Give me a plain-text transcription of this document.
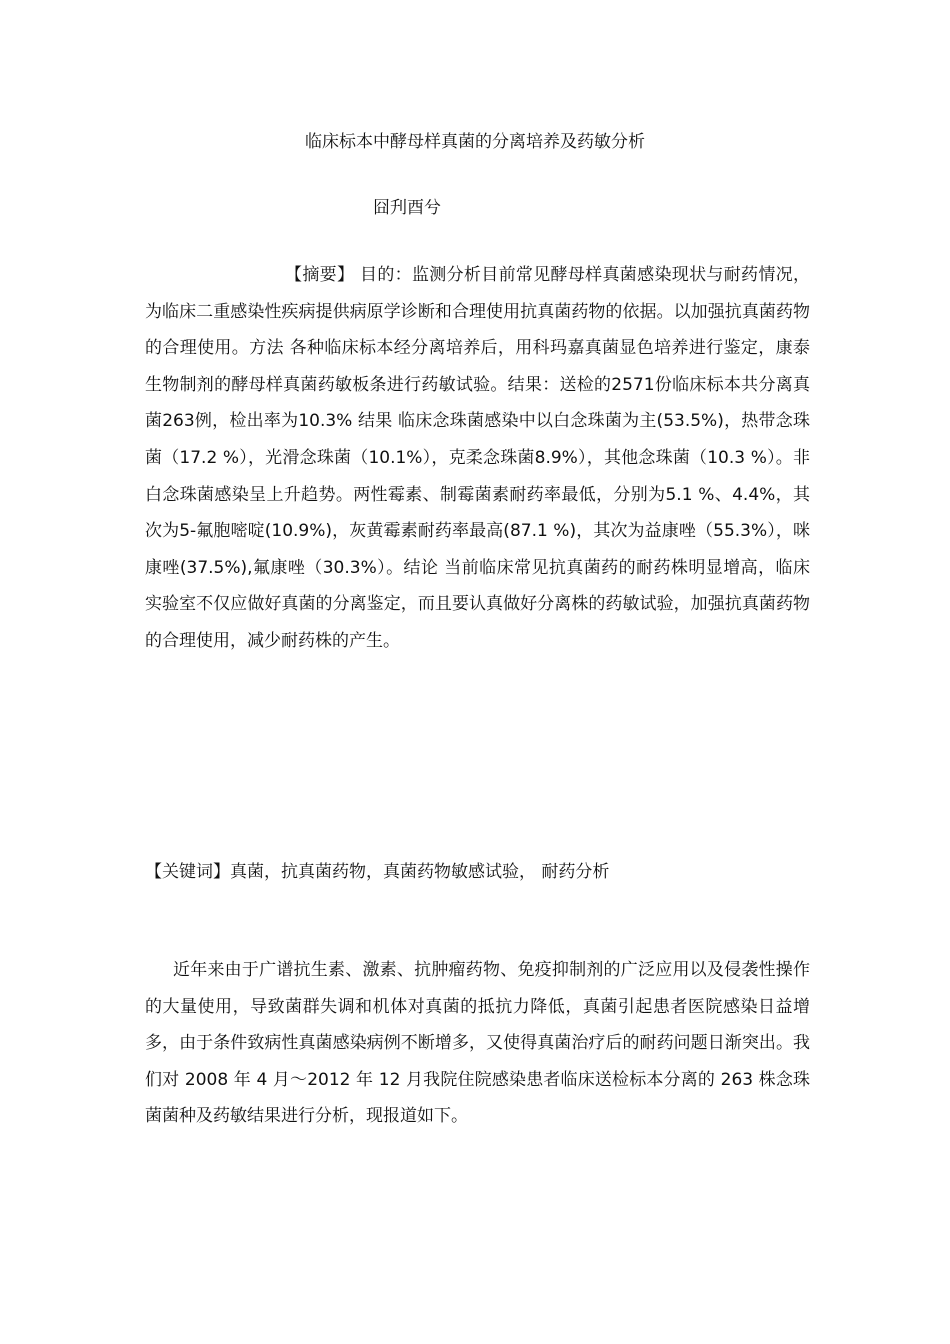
临床标本中酵母样真菌的分离培养及药敏分析
囧刋酉兮

【摘要】 目的：监测分析目前常见酵母样真菌感染现状与耐药情况，为临床二重感染性疾病提供病原学诊断和合理使用抗真菌药物的依据。以加强抗真菌药物的合理使用。方法 各种临床标本经分离培养后，用科玛嘉真菌显色培养进行鉴定，康泰生物制剂的酵母样真菌药敏板条进行药敏试验。结果：送检的2571份临床标本共分离真菌263例，检出率为10.3% 结果 临床念珠菌感染中以白念珠菌为主(53.5%)，热带念珠菌（17.2 %），光滑念珠菌（10.1%），克柔念珠菌8.9%），其他念珠菌（10.3 %）。非白念珠菌感染呈上升趋势。两性霉素、制霉菌素耐药率最低，分别为5.1 %、4.4%，其次为5-氟胞嘧啶(10.9%)，灰黄霉素耐药率最高(87.1 %)，其次为益康唑（55.3%），咪康唑(37.5%),氟康唑（30.3%）。结论 当前临床常见抗真菌药的耐药株明显增高，临床实验室不仅应做好真菌的分离鉴定，而且要认真做好分离株的药敏试验，加强抗真菌药物的合理使用，减少耐药株的产生。

【关键词】真菌，抗真菌药物，真菌药物敏感试验， 耐药分析

近年来由于广谱抗生素、激素、抗肿瘤药物、免疫抑制剂的广泛应用以及侵袭性操作的大量使用，导致菌群失调和机体对真菌的抵抗力降低，真菌引起患者医院感染日益增多，由于条件致病性真菌感染病例不断增多，又使得真菌治疗后的耐药问题日渐突出。我们对 2008 年 4 月～2012 年 12 月我院住院感染患者临床送检标本分离的 263 株念珠菌菌种及药敏结果进行分析，现报道如下。
